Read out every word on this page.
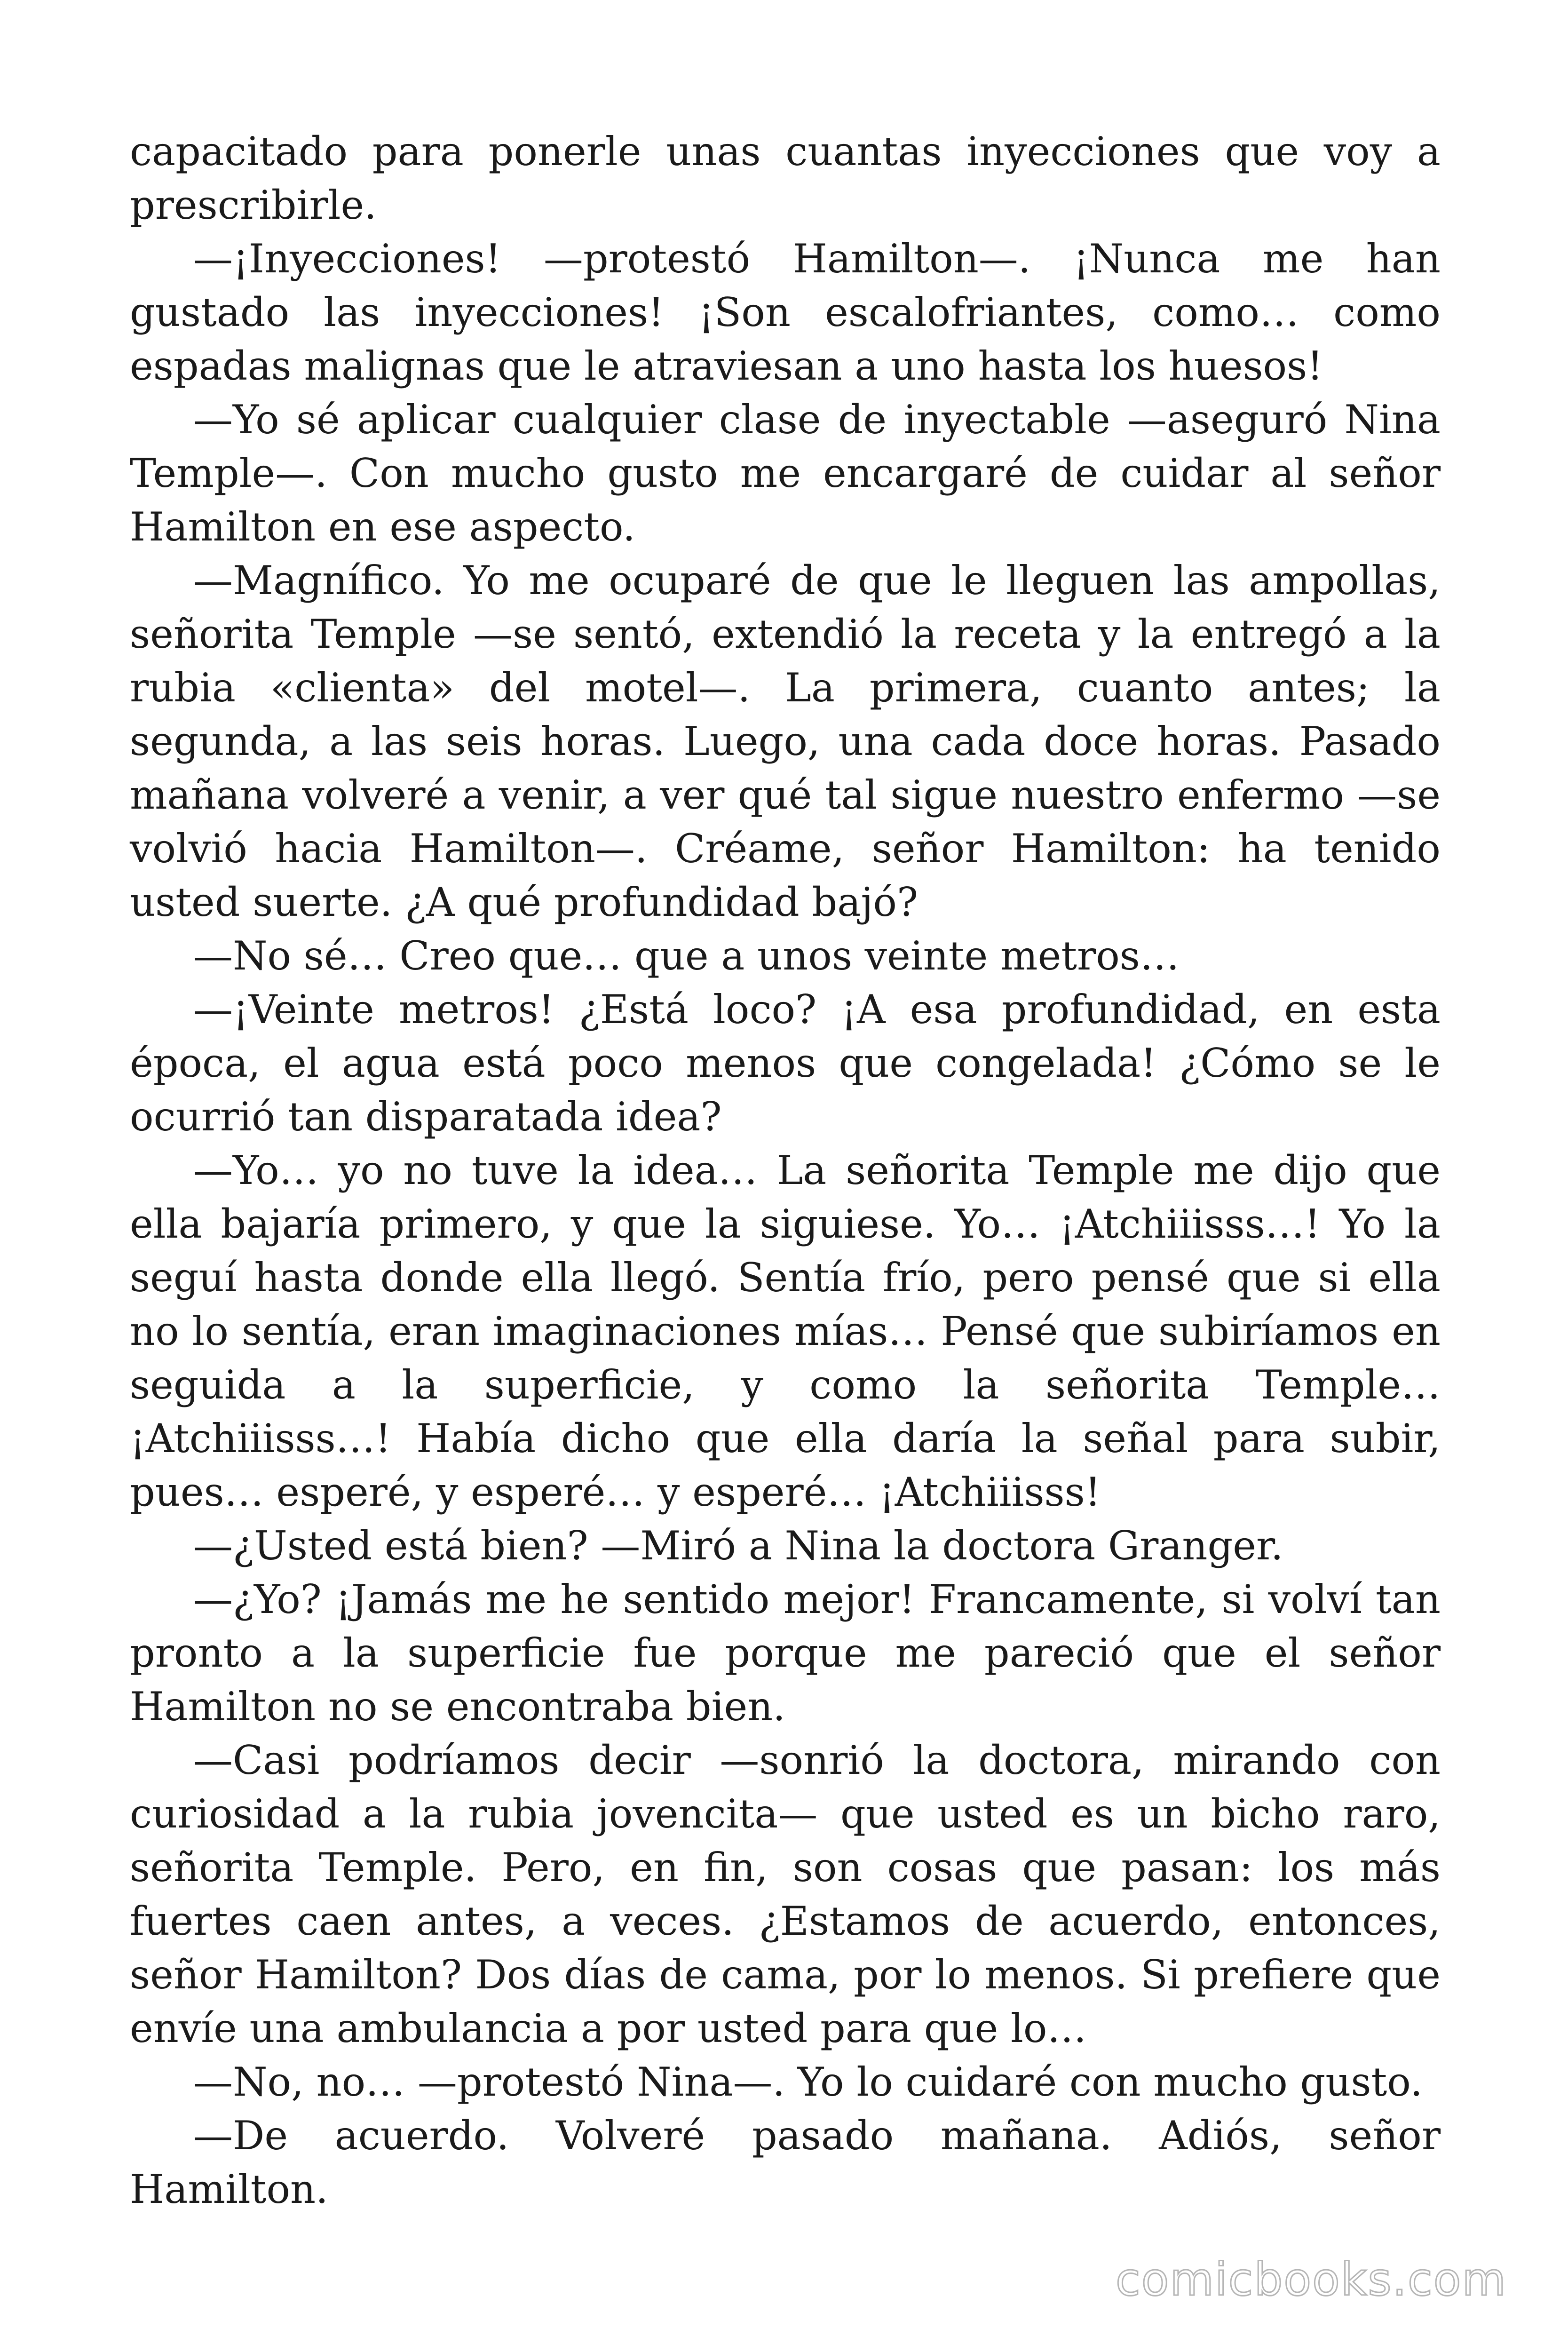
capacitado para ponerle unas cuantas inyecciones que voy a prescribirle.

—¡Inyecciones! —protestó Hamilton—. ¡Nunca me han gustado las inyecciones! ¡Son escalofriantes, como… como espadas malignas que le atraviesan a uno hasta los huesos!

—Yo sé aplicar cualquier clase de inyectable —aseguró Nina Temple—. Con mucho gusto me encargaré de cuidar al señor Hamilton en ese aspecto.

—Magnífico. Yo me ocuparé de que le lleguen las ampollas, señorita Temple —se sentó, extendió la receta y la entregó a la rubia «clienta» del motel—. La primera, cuanto antes; la segunda, a las seis horas. Luego, una cada doce horas. Pasado mañana volveré a venir, a ver qué tal sigue nuestro enfermo —se volvió hacia Hamilton—. Créame, señor Hamilton: ha tenido usted suerte. ¿A qué profundidad bajó?

—No sé… Creo que… que a unos veinte metros…

—¡Veinte metros! ¿Está loco? ¡A esa profundidad, en esta época, el agua está poco menos que congelada! ¿Cómo se le ocurrió tan disparatada idea?

—Yo… yo no tuve la idea… La señorita Temple me dijo que ella bajaría primero, y que la siguiese. Yo… ¡Atchiiisss…! Yo la seguí hasta donde ella llegó. Sentía frío, pero pensé que si ella no lo sentía, eran imaginaciones mías… Pensé que subiríamos en seguida a la superficie, y como la señorita Temple… ¡Atchiiisss…! Había dicho que ella daría la señal para subir, pues… esperé, y esperé… y esperé… ¡Atchiiisss!

—¿Usted está bien? —Miró a Nina la doctora Granger.

—¿Yo? ¡Jamás me he sentido mejor! Francamente, si volví tan pronto a la superficie fue porque me pareció que el señor Hamilton no se encontraba bien.

—Casi podríamos decir —sonrió la doctora, mirando con curiosidad a la rubia jovencita— que usted es un bicho raro, señorita Temple. Pero, en fin, son cosas que pasan: los más fuertes caen antes, a veces. ¿Estamos de acuerdo, entonces, señor Hamilton? Dos días de cama, por lo menos. Si prefiere que envíe una ambulancia a por usted para que lo…

—No, no… —protestó Nina—. Yo lo cuidaré con mucho gusto.

—De acuerdo. Volveré pasado mañana. Adiós, señor Hamilton.

comicbooks.com
